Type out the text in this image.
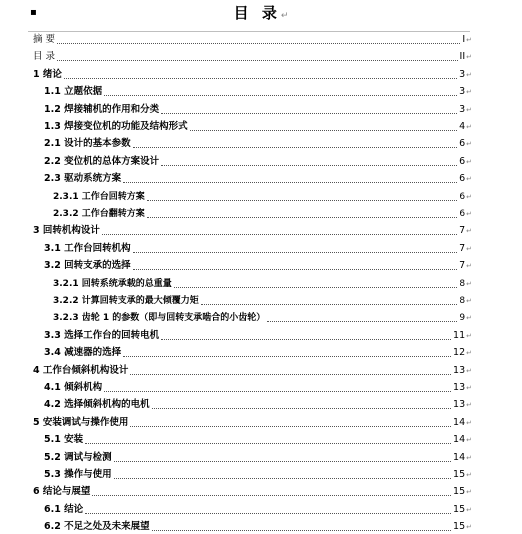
▪	目 录↵
摘 要	I ↵
目 录	II ↵
1 绪论	3 ↵
1.1 立题依据	3 ↵
1.2 焊接辅机的作用和分类	3 ↵
1.3 焊接变位机的功能及结构形式	4 ↵
2.1 设计的基本参数	6 ↵
2.2 变位机的总体方案设计	6 ↵
2.3 驱动系统方案	6 ↵
2.3.1 工作台回转方案	6 ↵
2.3.2 工作台翻转方案	6 ↵
3 回转机构设计	7 ↵
3.1 工作台回转机构	7 ↵
3.2 回转支承的选择	7 ↵
3.2.1 回转系统承载的总重量	8 ↵
3.2.2 计算回转支承的最大倾覆力矩	8 ↵
3.2.3 齿轮 1 的参数（即与回转支承啮合的小齿轮）	9 ↵
3.3 选择工作台的回转电机	11 ↵
3.4 减速器的选择	12 ↵
4 工作台倾斜机构设计	13 ↵
4.1 倾斜机构	13 ↵
4.2 选择倾斜机构的电机	13 ↵
5 安装调试与操作使用	14 ↵
5.1 安装	14 ↵
5.2 调试与检测	14 ↵
5.3 操作与使用	15 ↵
6 结论与展望	15 ↵
6.1 结论	15 ↵
6.2 不足之处及未来展望	15 ↵
